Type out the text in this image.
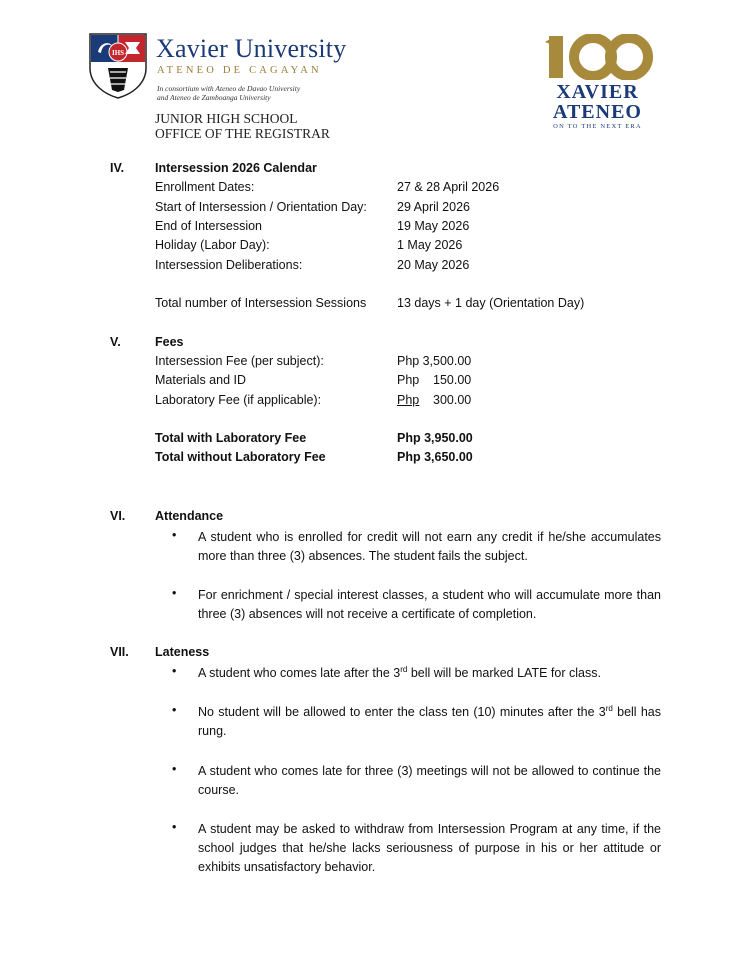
IHS Xavier University
ATENEO DE CAGAYAN
In consortium with Ateneo de Davao University
and Ateneo de Zamboanga University
JUNIOR HIGH SCHOOL
OFFICE OF THE REGISTRAR
XAVIER
ATENEO
ON TO THE NEXT ERA
IV. Intersession 2026 Calendar
Enrollment Dates:	27 & 28 April 2026
Start of Intersession / Orientation Day: 29 April 2026
End of Intersession	19 May 2026
Holiday (Labor Day):	1 May 2026
Intersession Deliberations:	20 May 2026
Total number of Intersession Sessions 13 days + 1 day (Orientation Day)
V.	Fees
Intersession Fee (per subject):	Php 3,500.00
Materials and ID	Php 150.00
Laboratory Fee (if applicable):	Php 300.00
Total with Laboratory Fee	Php 3,950.00
Total without Laboratory Fee	Php 3,650.00
VI. Attendance
• A student who is enrolled for credit will not earn any credit if he/she accumulates more than three (3) absences. The student fails the subject.
• For enrichment / special interest classes, a student who will accumulate more than three (3) absences will not receive a certificate of completion.
VII. Lateness
• A student who comes late after the 3rd bell will be marked LATE for class.
• No student will be allowed to enter the class ten (10) minutes after the 3rd bell has rung.
• A student who comes late for three (3) meetings will not be allowed to continue the course.
• A student may be asked to withdraw from Intersession Program at any time, if the school judges that he/she lacks seriousness of purpose in his or her attitude or exhibits unsatisfactory behavior.
